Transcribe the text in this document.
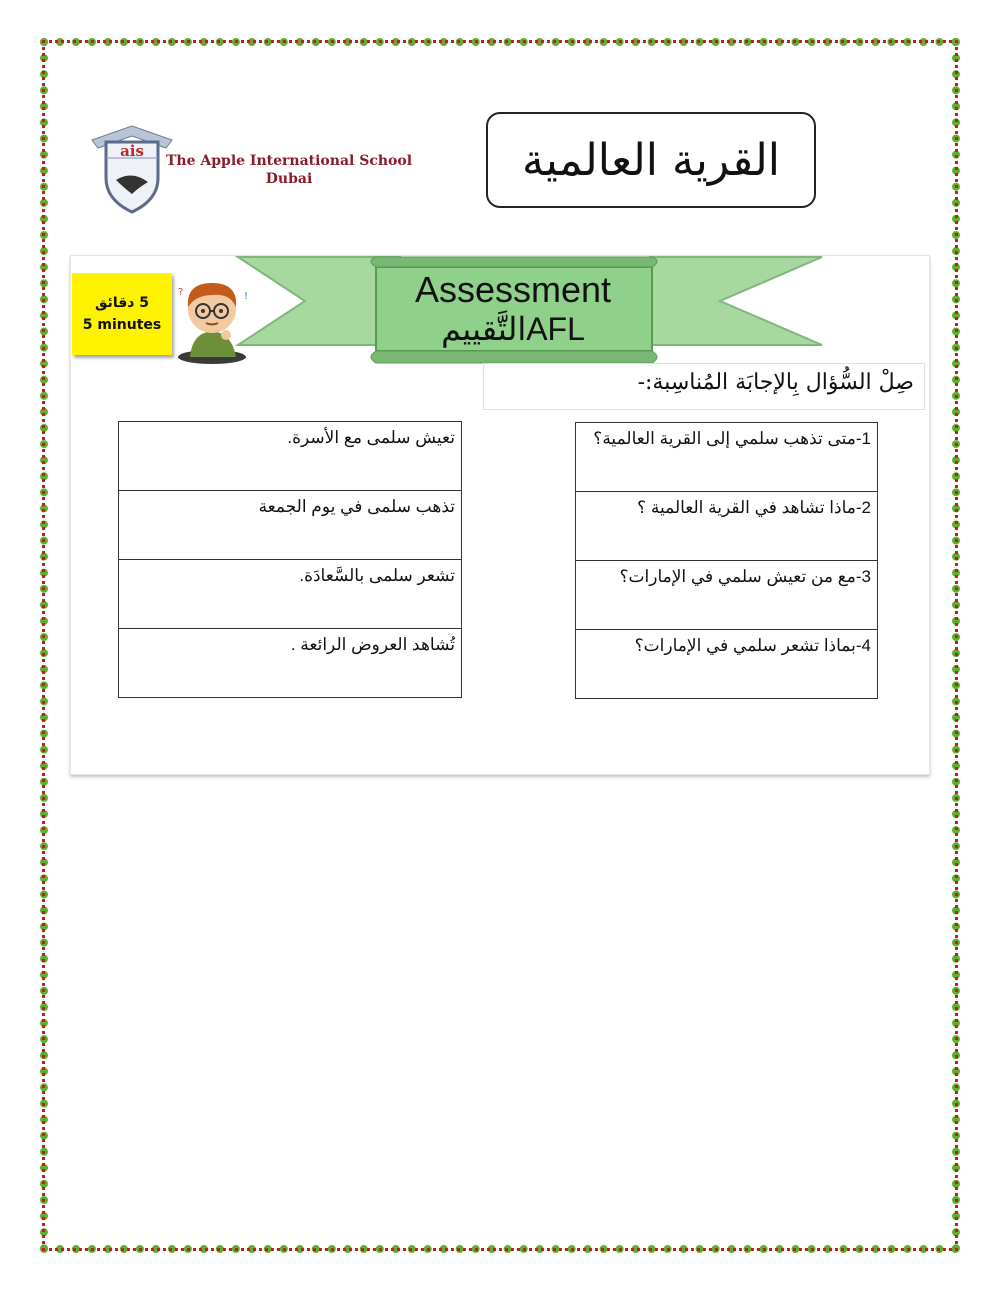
ais
The Apple International School
Dubai	القرية العالمية
Assessment
التَّقييمAFL
5 دقائق
5 minutes
?	!
صِلْ السُّؤال بِالإجابَة المُناسِبة:-
1-متى تذهب سلمي إلى القرية العالمية؟
2-ماذا تشاهد في القرية العالمية ؟
3-مع من تعيش سلمي في الإمارات؟
4-بماذا تشعر سلمي في الإمارات؟
تعيش سلمى مع الأسرة.
تذهب سلمى في يوم الجمعة
تشعر سلمى بالسَّعادَة.
تُشاهد العروض الرائعة .
